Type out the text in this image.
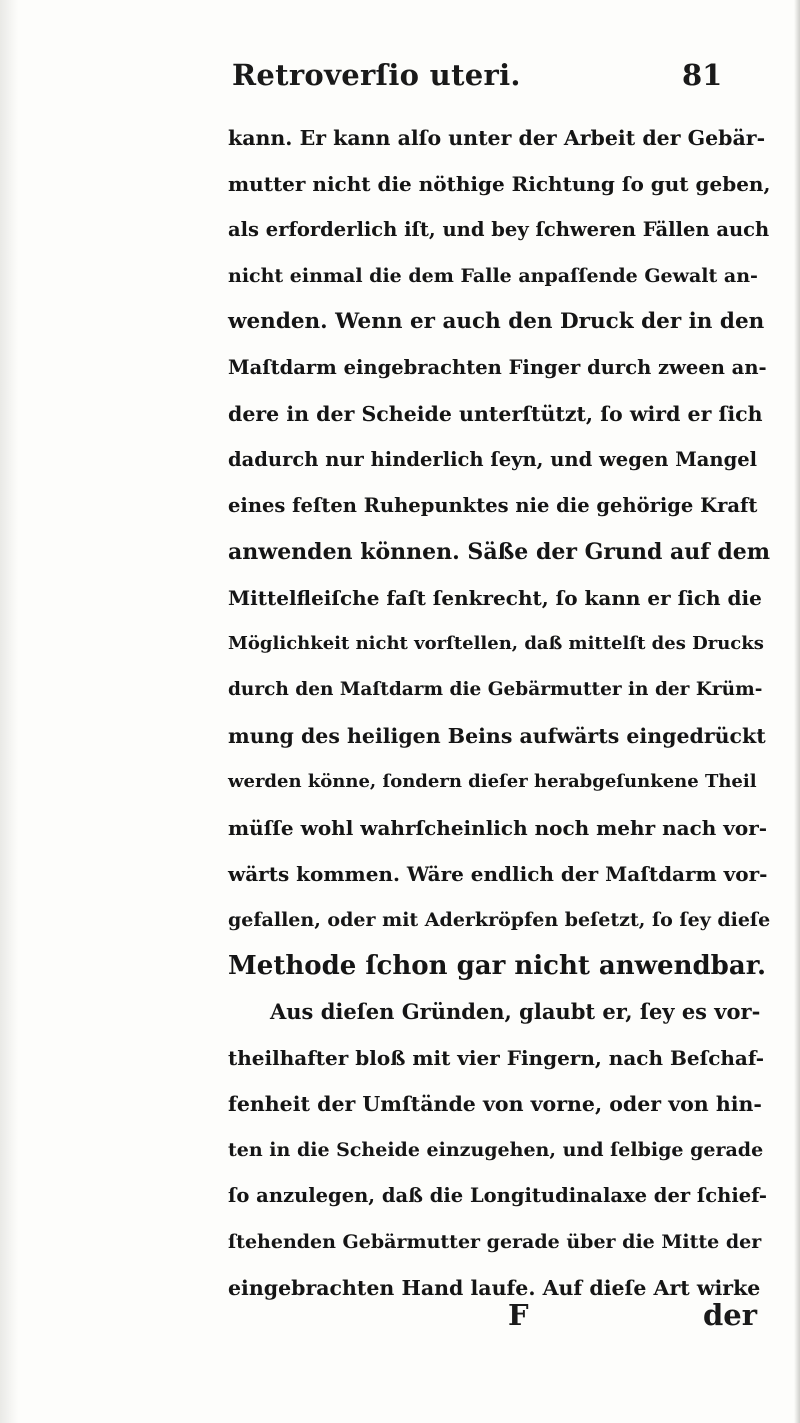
Retroverſio uteri.	81
kann. Er kann alſo unter der Arbeit der Gebär-
mutter nicht die nöthige Richtung ſo gut geben,
als erforderlich iſt, und bey ſchweren Fällen auch
nicht einmal die dem Falle anpaſſende Gewalt an-
wenden. Wenn er auch den Druck der in den
Maſtdarm eingebrachten Finger durch zween an-
dere in der Scheide unterſtützt, ſo wird er ſich
dadurch nur hinderlich ſeyn, und wegen Mangel
eines feſten Ruhepunktes nie die gehörige Kraft
anwenden können. Säße der Grund auf dem
Mittelfleiſche faſt ſenkrecht, ſo kann er ſich die
Möglichkeit nicht vorſtellen, daß mittelſt des Drucks
durch den Maſtdarm die Gebärmutter in der Krüm-
mung des heiligen Beins aufwärts eingedrückt
werden könne, ſondern dieſer herabgeſunkene Theil
müſſe wohl wahrſcheinlich noch mehr nach vor-
wärts kommen. Wäre endlich der Maſtdarm vor-
gefallen, oder mit Aderkröpfen beſetzt, ſo ſey dieſe
Methode ſchon gar nicht anwendbar.
Aus dieſen Gründen, glaubt er, ſey es vor-
theilhafter bloß mit vier Fingern, nach Beſchaf-
fenheit der Umſtände von vorne, oder von hin-
ten in die Scheide einzugehen, und ſelbige gerade
ſo anzulegen, daß die Longitudinalaxe der ſchief-
ſtehenden Gebärmutter gerade über die Mitte der
eingebrachten Hand laufe. Auf dieſe Art wirke
F	der
